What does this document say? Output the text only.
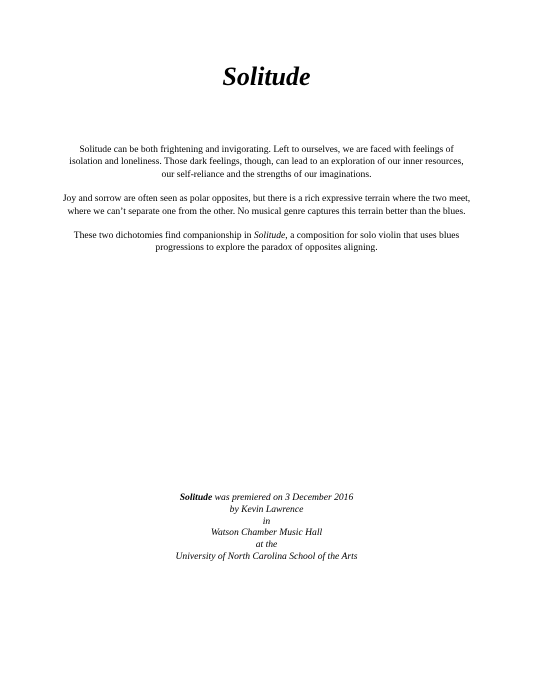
Solitude

Solitude can be both frightening and invigorating. Left to ourselves, we are faced with feelings of
isolation and loneliness. Those dark feelings, though, can lead to an exploration of our inner resources,
our self-reliance and the strengths of our imaginations.

Joy and sorrow are often seen as polar opposites, but there is a rich expressive terrain where the two meet,
where we can’t separate one from the other. No musical genre captures this terrain better than the blues.

These two dichotomies find companionship in Solitude, a composition for solo violin that uses blues
progressions to explore the paradox of opposites aligning.

Solitude was premiered on 3 December 2016
by Kevin Lawrence
in
Watson Chamber Music Hall
at the
University of North Carolina School of the Arts
